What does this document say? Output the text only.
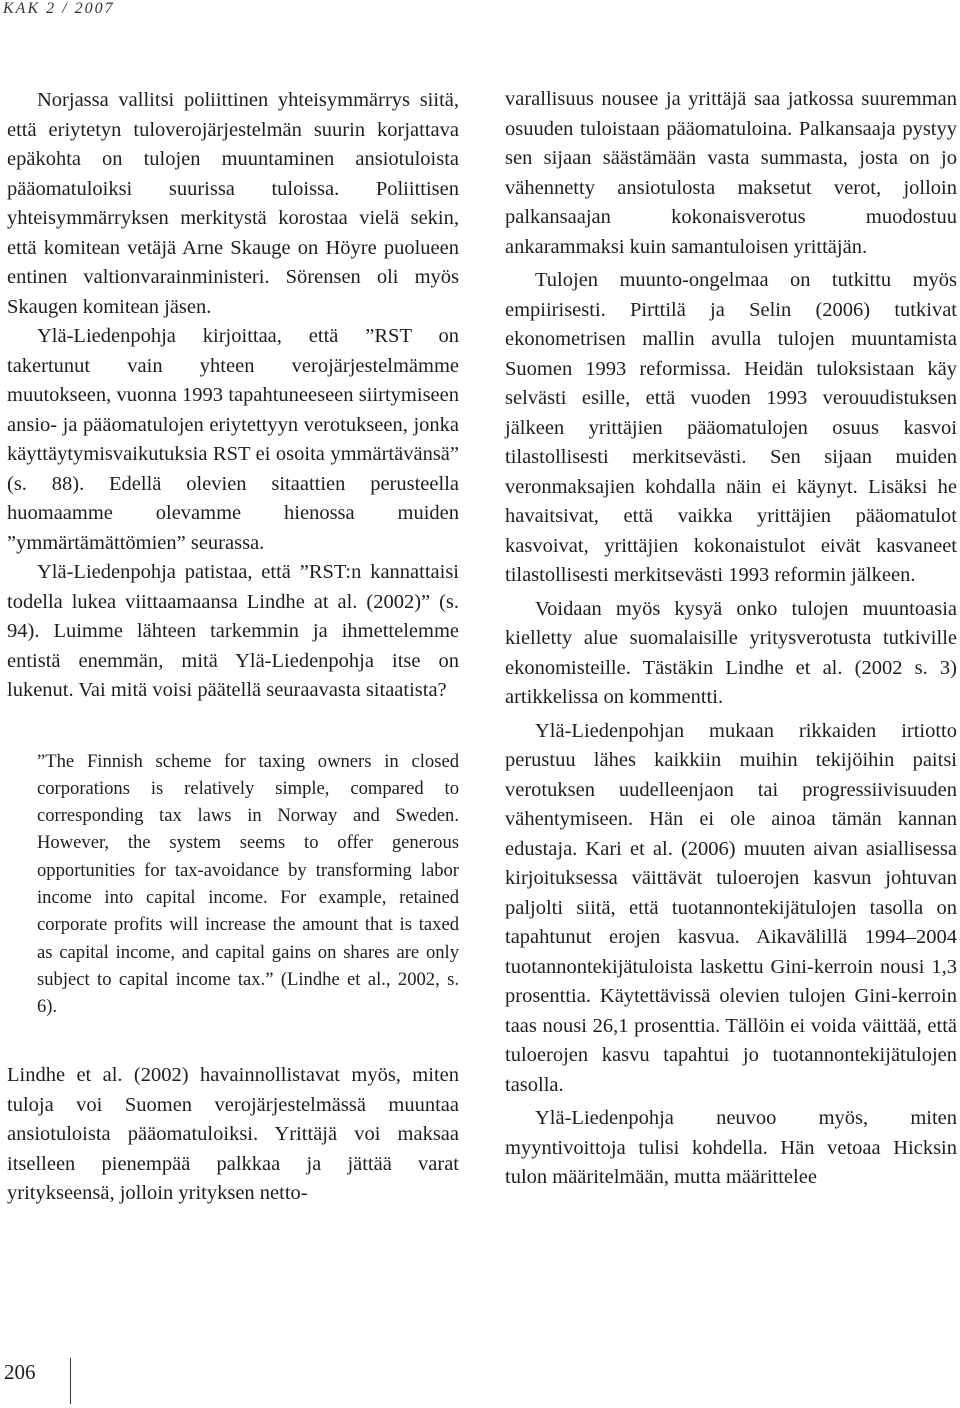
KAK 2 / 2007

Norjassa vallitsi poliittinen yhteisymmärrys siitä, että eriytetyn tuloverojärjestelmän suurin korjattava epäkohta on tulojen muuntaminen ansiotuloista pääomatuloiksi suurissa tuloissa. Poliittisen yhteisymmärryksen merkitystä korostaa vielä sekin, että komitean vetäjä Arne Skauge on Höyre puolueen entinen valtionvarainministeri. Sörensen oli myös Skaugen komitean jäsen.

Ylä-Liedenpohja kirjoittaa, että ”RST on takertunut vain yhteen verojärjestelmämme muutokseen, vuonna 1993 tapahtuneeseen siirtymiseen ansio- ja pääomatulojen eriytettyyn verotukseen, jonka käyttäytymisvaikutuksia RST ei osoita ymmärtävänsä” (s. 88). Edellä olevien sitaattien perusteella huomaamme olevamme hienossa muiden ”ymmärtämättömien” seurassa.

Ylä-Liedenpohja patistaa, että ”RST:n kannattaisi todella lukea viittaamaansa Lindhe at al. (2002)” (s. 94). Luimme lähteen tarkemmin ja ihmettelemme entistä enemmän, mitä Ylä-Liedenpohja itse on lukenut. Vai mitä voisi päätellä seuraavasta sitaatista?

”The Finnish scheme for taxing owners in closed corporations is relatively simple, compared to corresponding tax laws in Norway and Sweden. However, the system seems to offer generous opportunities for tax-avoidance by transforming labor income into capital income. For example, retained corporate profits will increase the amount that is taxed as capital income, and capital gains on shares are only subject to capital income tax.” (Lindhe et al., 2002, s. 6).

Lindhe et al. (2002) havainnollistavat myös, miten tuloja voi Suomen verojärjestelmässä muuntaa ansiotuloista pääomatuloiksi. Yrittäjä voi maksaa itselleen pienempää palkkaa ja jättää varat yritykseensä, jolloin yrityksen netto-

varallisuus nousee ja yrittäjä saa jatkossa suuremman osuuden tuloistaan pääomatuloina. Palkansaaja pystyy sen sijaan säästämään vasta summasta, josta on jo vähennetty ansiotulosta maksetut verot, jolloin palkansaajan kokonaisverotus muodostuu ankarammaksi kuin samantuloisen yrittäjän.

Tulojen muunto-ongelmaa on tutkittu myös empiirisesti. Pirttilä ja Selin (2006) tutkivat ekonometrisen mallin avulla tulojen muuntamista Suomen 1993 reformissa. Heidän tuloksistaan käy selvästi esille, että vuoden 1993 verouudistuksen jälkeen yrittäjien pääomatulojen osuus kasvoi tilastollisesti merkitsevästi. Sen sijaan muiden veronmaksajien kohdalla näin ei käynyt. Lisäksi he havaitsivat, että vaikka yrittäjien pääomatulot kasvoivat, yrittäjien kokonaistulot eivät kasvaneet tilastollisesti merkitsevästi 1993 reformin jälkeen.

Voidaan myös kysyä onko tulojen muuntoasia kielletty alue suomalaisille yritysverotusta tutkiville ekonomisteille. Tästäkin Lindhe et al. (2002 s. 3) artikkelissa on kommentti.

Ylä-Liedenpohjan mukaan rikkaiden irtiotto perustuu lähes kaikkiin muihin tekijöihin paitsi verotuksen uudelleenjaon tai progressiivisuuden vähentymiseen. Hän ei ole ainoa tämän kannan edustaja. Kari et al. (2006) muuten aivan asiallisessa kirjoituksessa väittävät tuloerojen kasvun johtuvan paljolti siitä, että tuotannontekijätulojen tasolla on tapahtunut erojen kasvua. Aikavälillä 1994–2004 tuotannontekijätuloista laskettu Gini-kerroin nousi 1,3 prosenttia. Käytettävissä olevien tulojen Gini-kerroin taas nousi 26,1 prosenttia. Tällöin ei voida väittää, että tuloerojen kasvu tapahtui jo tuotannontekijätulojen tasolla.

Ylä-Liedenpohja neuvoo myös, miten myyntivoittoja tulisi kohdella. Hän vetoaa Hicksin tulon määritelmään, mutta määrittelee

206
